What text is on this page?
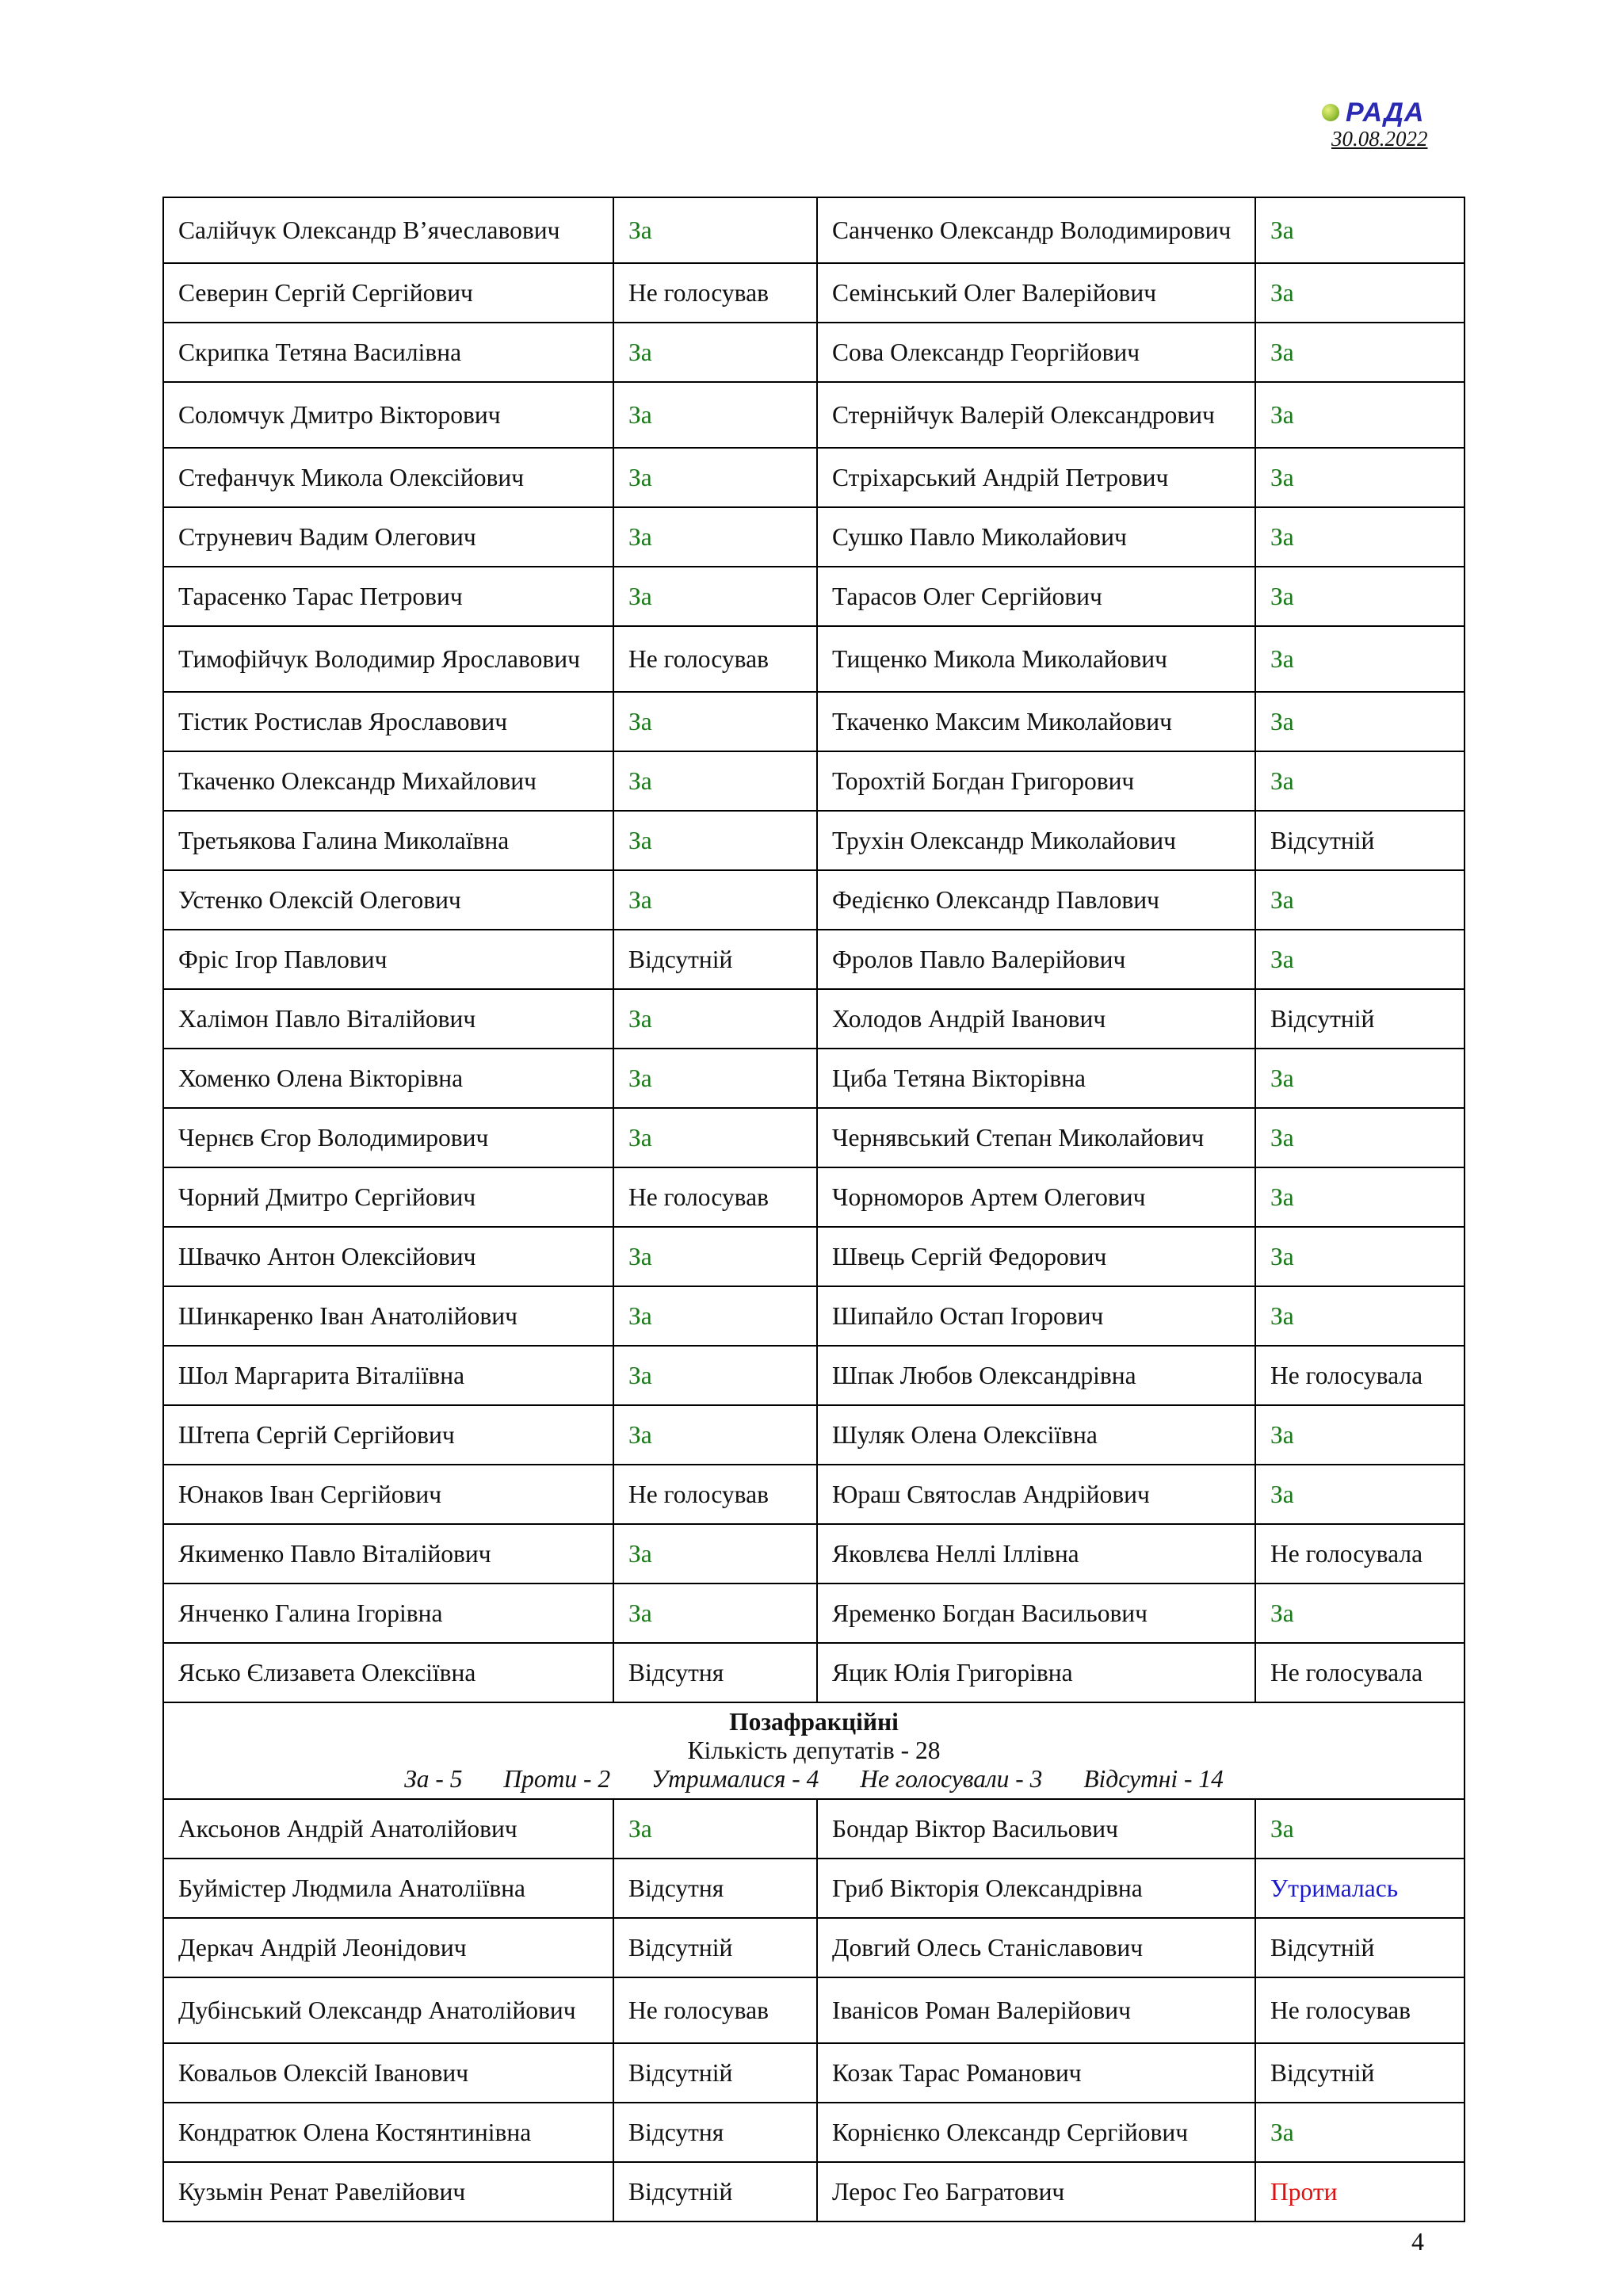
РАДА
30.08.2022
Салійчук Олександр В’ячеславович	За	Санченко Олександр Володимирович	За
Северин Сергій Сергійович	Не голосував	Семінський Олег Валерійович	За
Скрипка Тетяна Василівна	За	Сова Олександр Георгійович	За
Соломчук Дмитро Вікторович	За	Стернійчук Валерій Олександрович	За
Стефанчук Микола Олексійович	За	Стріхарський Андрій Петрович	За
Струневич Вадим Олегович	За	Сушко Павло Миколайович	За
Тарасенко Тарас Петрович	За	Тарасов Олег Сергійович	За
Тимофійчук Володимир Ярославович	Не голосував	Тищенко Микола Миколайович	За
Тістик Ростислав Ярославович	За	Ткаченко Максим Миколайович	За
Ткаченко Олександр Михайлович	За	Торохтій Богдан Григорович	За
Третьякова Галина Миколаївна	За	Трухін Олександр Миколайович	Відсутній
Устенко Олексій Олегович	За	Федієнко Олександр Павлович	За
Фріс Ігор Павлович	Відсутній	Фролов Павло Валерійович	За
Халімон Павло Віталійович	За	Холодов Андрій Іванович	Відсутній
Хоменко Олена Вікторівна	За	Циба Тетяна Вікторівна	За
Чернєв Єгор Володимирович	За	Чернявський Степан Миколайович	За
Чорний Дмитро Сергійович	Не голосував	Чорноморов Артем Олегович	За
Швачко Антон Олексійович	За	Швець Сергій Федорович	За
Шинкаренко Іван Анатолійович	За	Шипайло Остап Ігорович	За
Шол Маргарита Віталіївна	За	Шпак Любов Олександрівна	Не голосувала
Штепа Сергій Сергійович	За	Шуляк Олена Олексіївна	За
Юнаков Іван Сергійович	Не голосував	Юраш Святослав Андрійович	За
Якименко Павло Віталійович	За	Яковлєва Неллі Іллівна	Не голосувала
Янченко Галина Ігорівна	За	Яременко Богдан Васильович	За
Ясько Єлизавета Олексіївна	Відсутня	Яцик Юлія Григорівна	Не голосувала

Позафракційні
Кількість депутатів - 28
За - 5 Проти - 2 Утрималися - 4 Не голосували - 3 Відсутні - 14			

Аксьонов Андрій Анатолійович	За	Бондар Віктор Васильович	За
Буймістер Людмила Анатоліївна	Відсутня	Гриб Вікторія Олександрівна	Утрималась
Деркач Андрій Леонідович	Відсутній	Довгий Олесь Станіславович	Відсутній
Дубінський Олександр Анатолійович	Не голосував	Іванісов Роман Валерійович	Не голосував
Ковальов Олексій Іванович	Відсутній	Козак Тарас Романович	Відсутній
Кондратюк Олена Костянтинівна	Відсутня	Корнієнко Олександр Сергійович	За
Кузьмін Ренат Равелійович	Відсутній	Лерос Гео Багратович	Проти
4
